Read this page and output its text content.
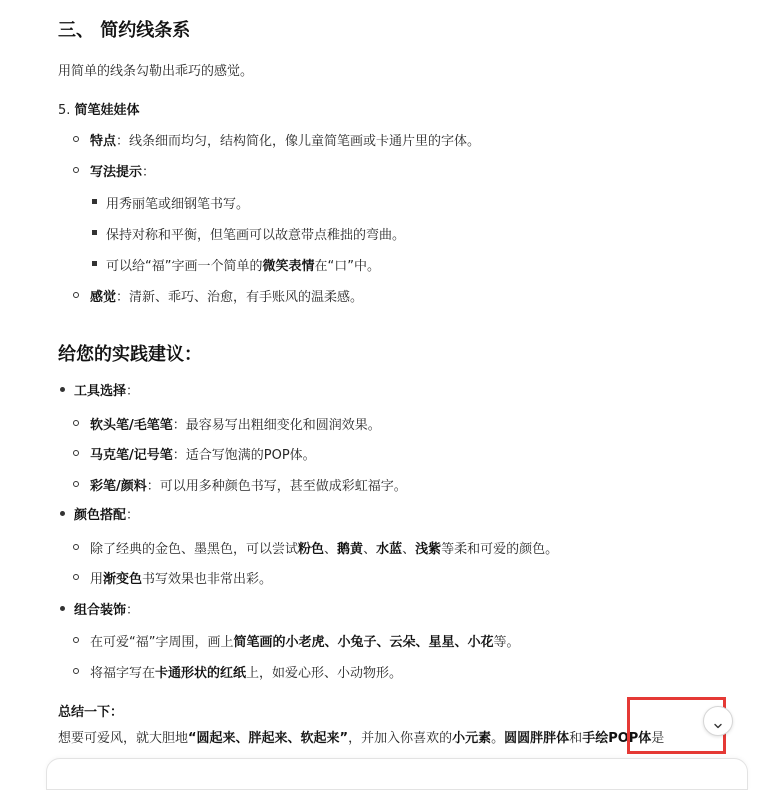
三、 简约线条系
用简单的线条勾勒出乖巧的感觉。
5. 简笔娃娃体
特点：线条细而均匀，结构简化，像儿童简笔画或卡通片里的字体。
写法提示：
用秀丽笔或细钢笔书写。
保持对称和平衡，但笔画可以故意带点稚拙的弯曲。
可以给“福”字画一个简单的微笑表情在“口”中。
感觉：清新、乖巧、治愈，有手账风的温柔感。
给您的实践建议：
工具选择：
软头笔/毛笔笔：最容易写出粗细变化和圆润效果。
马克笔/记号笔：适合写饱满的POP体。
彩笔/颜料：可以用多种颜色书写，甚至做成彩虹福字。
颜色搭配：
除了经典的金色、墨黑色，可以尝试粉色、鹅黄、水蓝、浅紫等柔和可爱的颜色。
用渐变色书写效果也非常出彩。
组合装饰：
在可爱“福”字周围，画上简笔画的小老虎、小兔子、云朵、星星、小花等。
将福字写在卡通形状的红纸上，如爱心形、小动物形。
总结一下：
想要可爱风，就大胆地“圆起来、胖起来、软起来”，并加入你喜欢的小元素。圆圆胖胖体和手绘POP体是
